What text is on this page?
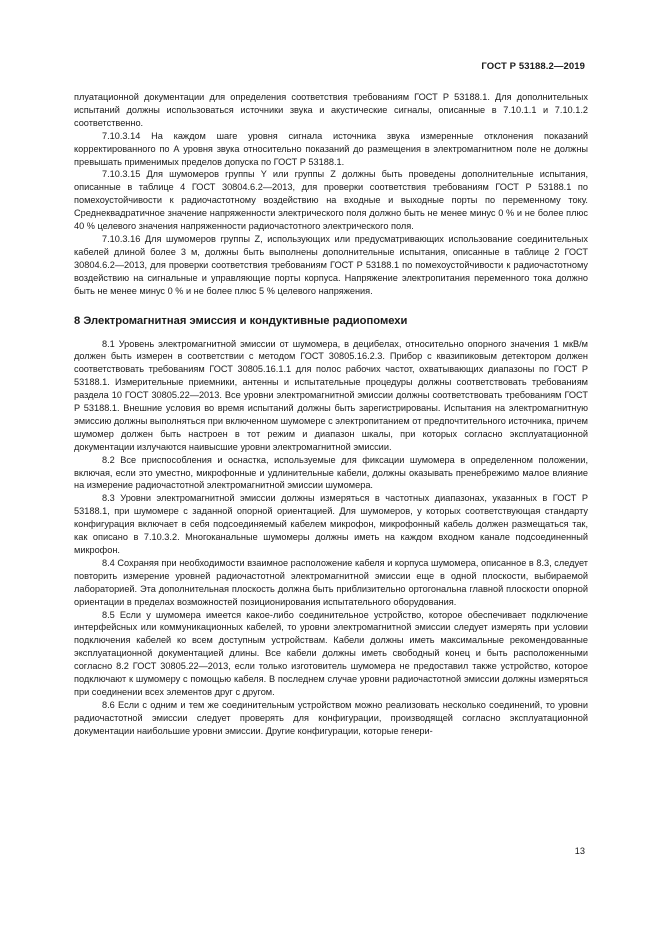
ГОСТ Р 53188.2—2019

плуатационной документации для определения соответствия требованиям ГОСТ Р 53188.1. Для дополнительных испытаний должны использоваться источники звука и акустические сигналы, описанные в 7.10.1.1 и 7.10.1.2 соответственно.

7.10.3.14 На каждом шаге уровня сигнала источника звука измеренные отклонения показаний корректированного по А уровня звука относительно показаний до размещения в электромагнитном поле не должны превышать применимых пределов допуска по ГОСТ Р 53188.1.

7.10.3.15 Для шумомеров группы Y или группы Z должны быть проведены дополнительные испытания, описанные в таблице 4 ГОСТ 30804.6.2—2013, для проверки соответствия требованиям ГОСТ Р 53188.1 по помехоустойчивости к радиочастотному воздействию на входные и выходные порты по переменному току. Среднеквадратичное значение напряженности электрического поля должно быть не менее минус 0 % и не более плюс 40 % целевого значения напряженности радиочастотного электрического поля.

7.10.3.16 Для шумомеров группы Z, использующих или предусматривающих использование соединительных кабелей длиной более 3 м, должны быть выполнены дополнительные испытания, описанные в таблице 2 ГОСТ 30804.6.2—2013, для проверки соответствия требованиям ГОСТ Р 53188.1 по помехоустойчивости к радиочастотному воздействию на сигнальные и управляющие порты корпуса. Напряжение электропитания переменного тока должно быть не менее минус 0 % и не более плюс 5 % целевого напряжения.

8 Электромагнитная эмиссия и кондуктивные радиопомехи

8.1 Уровень электромагнитной эмиссии от шумомера, в децибелах, относительно опорного значения 1 мкВ/м должен быть измерен в соответствии с методом ГОСТ 30805.16.2.3. Прибор с квазипиковым детектором должен соответствовать требованиям ГОСТ 30805.16.1.1 для полос рабочих частот, охватывающих диапазоны по ГОСТ Р 53188.1. Измерительные приемники, антенны и испытательные процедуры должны соответствовать требованиям раздела 10 ГОСТ 30805.22—2013. Все уровни электромагнитной эмиссии должны соответствовать требованиям ГОСТ Р 53188.1. Внешние условия во время испытаний должны быть зарегистрированы. Испытания на электромагнитную эмиссию должны выполняться при включенном шумомере с электропитанием от предпочтительного источника, причем шумомер должен быть настроен в тот режим и диапазон шкалы, при которых согласно эксплуатационной документации излучаются наивысшие уровни электромагнитной эмиссии.

8.2 Все приспособления и оснастка, используемые для фиксации шумомера в определенном положении, включая, если это уместно, микрофонные и удлинительные кабели, должны оказывать пренебрежимо малое влияние на измерение радиочастотной электромагнитной эмиссии шумомера.

8.3 Уровни электромагнитной эмиссии должны измеряться в частотных диапазонах, указанных в ГОСТ Р 53188.1, при шумомере с заданной опорной ориентацией. Для шумомеров, у которых соответствующая стандарту конфигурация включает в себя подсоединяемый кабелем микрофон, микрофонный кабель должен размещаться так, как описано в 7.10.3.2. Многоканальные шумомеры должны иметь на каждом входном канале подсоединенный микрофон.

8.4 Сохраняя при необходимости взаимное расположение кабеля и корпуса шумомера, описанное в 8.3, следует повторить измерение уровней радиочастотной электромагнитной эмиссии еще в одной плоскости, выбираемой лабораторией. Эта дополнительная плоскость должна быть приблизительно ортогональна главной плоскости опорной ориентации в пределах возможностей позиционирования испытательного оборудования.

8.5 Если у шумомера имеется какое-либо соединительное устройство, которое обеспечивает подключение интерфейсных или коммуникационных кабелей, то уровни электромагнитной эмиссии следует измерять при условии подключения кабелей ко всем доступным устройствам. Кабели должны иметь максимальные рекомендованные эксплуатационной документацией длины. Все кабели должны иметь свободный конец и быть расположенными согласно 8.2 ГОСТ 30805.22—2013, если только изготовитель шумомера не предоставил также устройство, которое подключают к шумомеру с помощью кабеля. В последнем случае уровни радиочастотной эмиссии должны измеряться при соединении всех элементов друг с другом.

8.6 Если с одним и тем же соединительным устройством можно реализовать несколько соединений, то уровни радиочастотной эмиссии следует проверять для конфигурации, производящей согласно эксплуатационной документации наибольшие уровни эмиссии. Другие конфигурации, которые генери-

13
